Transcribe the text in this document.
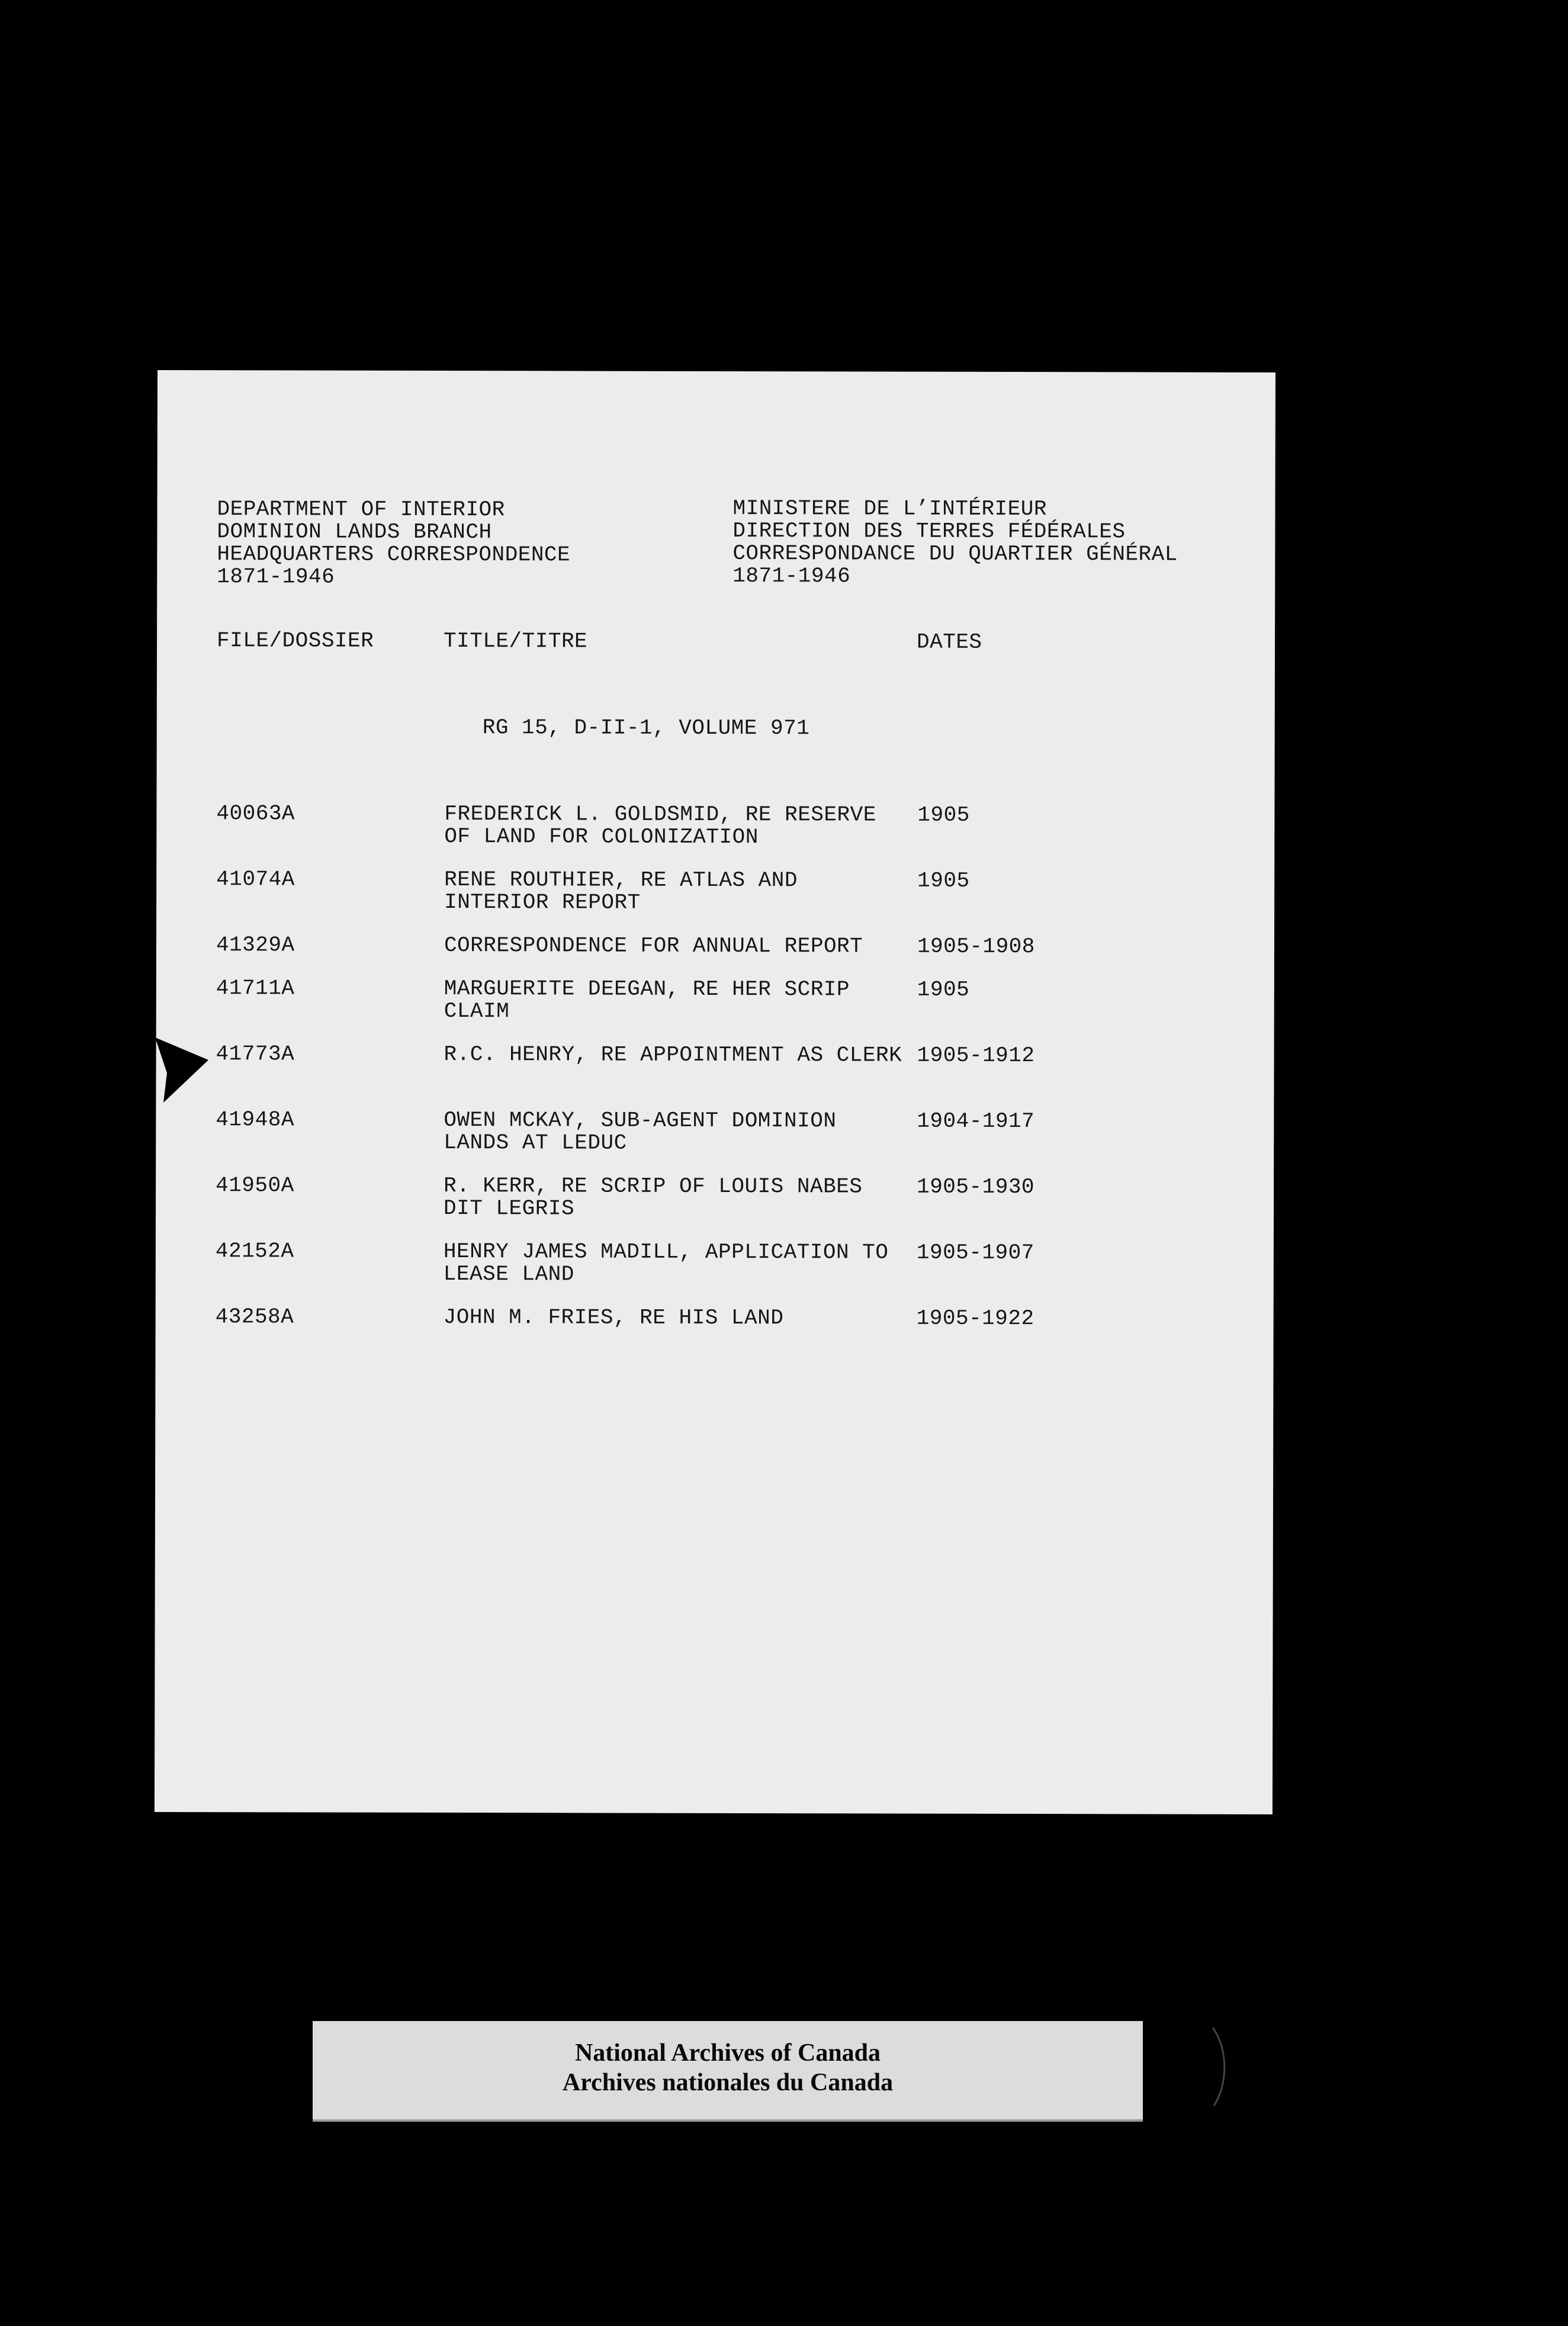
DEPARTMENT OF INTERIOR
DOMINION LANDS BRANCH
HEADQUARTERS CORRESPONDENCE
1871-1946
MINISTERE DE L’INTÉRIEUR
DIRECTION DES TERRES FÉDÉRALES
CORRESPONDANCE DU QUARTIER GÉNÉRAL
1871-1946
FILE/DOSSIER	TITLE/TITRE	DATES
RG 15, D-II-1, VOLUME 971
40063A	FREDERICK L. GOLDSMID, RE RESERVE OF LAND FOR COLONIZATION
1905
41074A	RENE ROUTHIER, RE ATLAS AND INTERIOR REPORT
1905
41329A	CORRESPONDENCE FOR ANNUAL REPORT	1905-1908
41711A	MARGUERITE DEEGAN, RE HER SCRIP CLAIM
1905
41773A	R.C. HENRY, RE APPOINTMENT AS CLERK 1905-1912
41948A	OWEN MCKAY, SUB-AGENT DOMINION LANDS AT LEDUC
1904-1917
41950A	R. KERR, RE SCRIP OF LOUIS NABES DIT LEGRIS
1905-1930
42152A	HENRY JAMES MADILL, APPLICATION TO LEASE LAND
1905-1907
43258A	JOHN M. FRIES, RE HIS LAND	1905-1922
National Archives of Canada
Archives nationales du Canada
